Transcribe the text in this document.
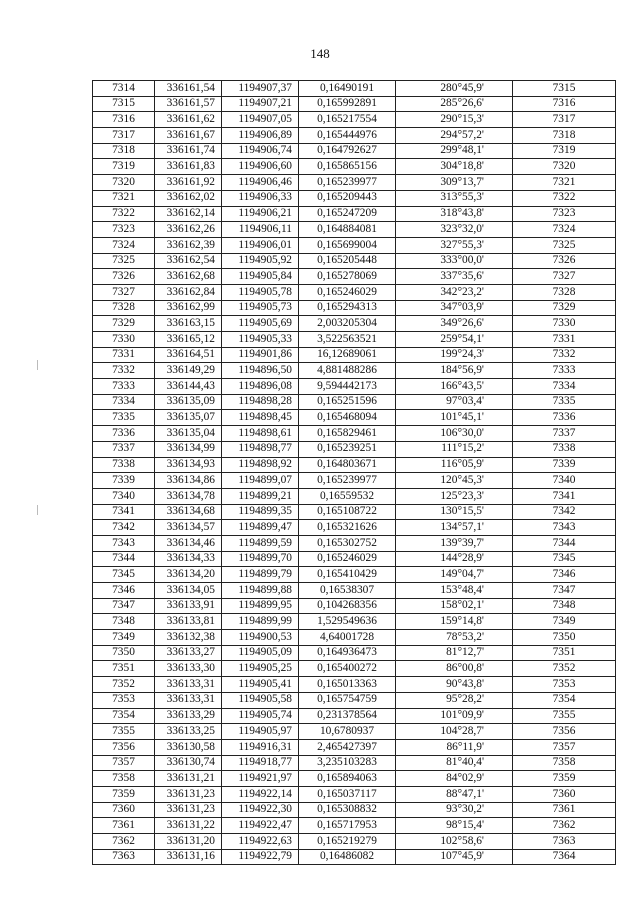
148
7314	336161,54	1194907,37	0,16490191	280°45,9'	7315
7315	336161,57	1194907,21	0,165992891	285°26,6'	7316
7316	336161,62	1194907,05	0,165217554	290°15,3'	7317
7317	336161,67	1194906,89	0,165444976	294°57,2'	7318
7318	336161,74	1194906,74	0,164792627	299°48,1'	7319
7319	336161,83	1194906,60	0,165865156	304°18,8'	7320
7320	336161,92	1194906,46	0,165239977	309°13,7'	7321
7321	336162,02	1194906,33	0,165209443	313°55,3'	7322
7322	336162,14	1194906,21	0,165247209	318°43,8'	7323
7323	336162,26	1194906,11	0,164884081	323°32,0'	7324
7324	336162,39	1194906,01	0,165699004	327°55,3'	7325
7325	336162,54	1194905,92	0,165205448	333°00,0'	7326
7326	336162,68	1194905,84	0,165278069	337°35,6'	7327
7327	336162,84	1194905,78	0,165246029	342°23,2'	7328
7328	336162,99	1194905,73	0,165294313	347°03,9'	7329
7329	336163,15	1194905,69	2,003205304	349°26,6'	7330
7330	336165,12	1194905,33	3,522563521	259°54,1'	7331
7331	336164,51	1194901,86	16,12689061	199°24,3'	7332
7332	336149,29	1194896,50	4,881488286	184°56,9'	7333
7333	336144,43	1194896,08	9,594442173	166°43,5'	7334
7334	336135,09	1194898,28	0,165251596	97°03,4'	7335
7335	336135,07	1194898,45	0,165468094	101°45,1'	7336
7336	336135,04	1194898,61	0,165829461	106°30,0'	7337
7337	336134,99	1194898,77	0,165239251	111°15,2'	7338
7338	336134,93	1194898,92	0,164803671	116°05,9'	7339
7339	336134,86	1194899,07	0,165239977	120°45,3'	7340
7340	336134,78	1194899,21	0,16559532	125°23,3'	7341
7341	336134,68	1194899,35	0,165108722	130°15,5'	7342
7342	336134,57	1194899,47	0,165321626	134°57,1'	7343
7343	336134,46	1194899,59	0,165302752	139°39,7'	7344
7344	336134,33	1194899,70	0,165246029	144°28,9'	7345
7345	336134,20	1194899,79	0,165410429	149°04,7'	7346
7346	336134,05	1194899,88	0,16538307	153°48,4'	7347
7347	336133,91	1194899,95	0,104268356	158°02,1'	7348
7348	336133,81	1194899,99	1,529549636	159°14,8'	7349
7349	336132,38	1194900,53	4,64001728	78°53,2'	7350
7350	336133,27	1194905,09	0,164936473	81°12,7'	7351
7351	336133,30	1194905,25	0,165400272	86°00,8'	7352
7352	336133,31	1194905,41	0,165013363	90°43,8'	7353
7353	336133,31	1194905,58	0,165754759	95°28,2'	7354
7354	336133,29	1194905,74	0,231378564	101°09,9'	7355
7355	336133,25	1194905,97	10,6780937	104°28,7'	7356
7356	336130,58	1194916,31	2,465427397	86°11,9'	7357
7357	336130,74	1194918,77	3,235103283	81°40,4'	7358
7358	336131,21	1194921,97	0,165894063	84°02,9'	7359
7359	336131,23	1194922,14	0,165037117	88°47,1'	7360
7360	336131,23	1194922,30	0,165308832	93°30,2'	7361
7361	336131,22	1194922,47	0,165717953	98°15,4'	7362
7362	336131,20	1194922,63	0,165219279	102°58,6'	7363
7363	336131,16	1194922,79	0,16486082	107°45,9'	7364
